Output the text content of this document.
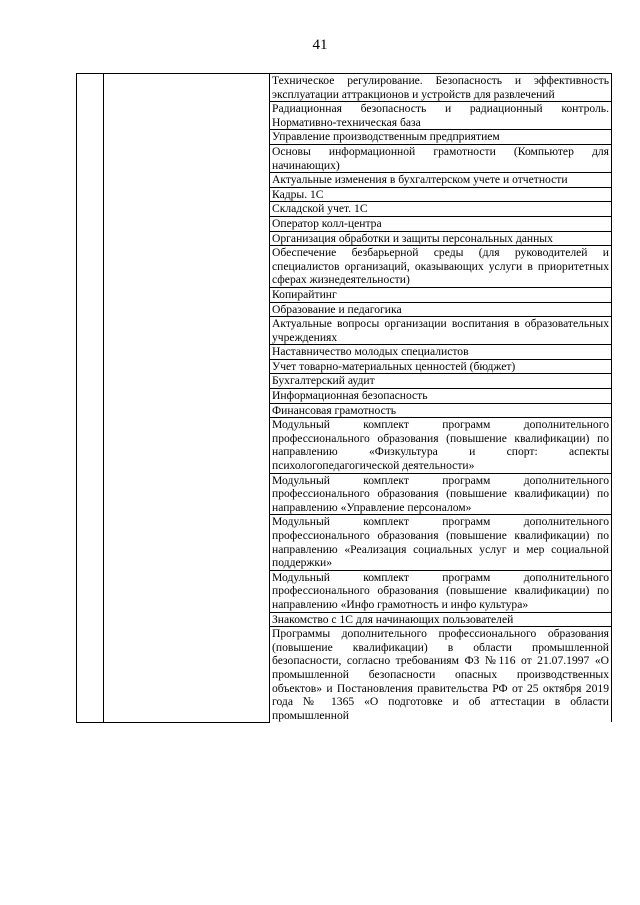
41

Техническое регулирование. Безопасность и эффективность эксплуатации аттракционов и устройств для развлечений

Радиационная безопасность и радиационный контроль. Нормативно-техническая база

Управление производственным предприятием

Основы информационной грамотности (Компьютер для начинающих)

Актуальные изменения в бухгалтерском учете и отчетности

Кадры. 1С

Складской учет. 1С

Оператор колл-центра

Организация обработки и защиты персональных данных

Обеспечение безбарьерной среды (для руководителей и специалистов организаций, оказывающих услуги в приоритетных сферах жизнедеятельности)

Копирайтинг

Образование и педагогика

Актуальные вопросы организации воспитания в образовательных учреждениях

Наставничество молодых специалистов

Учет товарно-материальных ценностей (бюджет)

Бухгалтерский аудит

Информационная безопасность

Финансовая грамотность

Модульный комплект программ дополнительного профессионального образования (повышение квалификации) по направлению «Физкультура и спорт: аспекты психологопедагогической деятельности»

Модульный комплект программ дополнительного профессионального образования (повышение квалификации) по направлению «Управление персоналом»

Модульный комплект программ дополнительного профессионального образования (повышение квалификации) по направлению «Реализация социальных услуг и мер социальной поддержки»

Модульный комплект программ дополнительного профессионального образования (повышение квалификации) по направлению «Инфо грамотность и инфо культура»

Знакомство с 1С для начинающих пользователей

Программы дополнительного профессионального образования (повышение квалификации) в области промышленной безопасности, согласно требованиям ФЗ №116 от 21.07.1997 «О промышленной безопасности опасных производственных объектов» и Постановления правительства РФ от 25 октября 2019 года № 1365 «О подготовке и об аттестации в области промышленной
